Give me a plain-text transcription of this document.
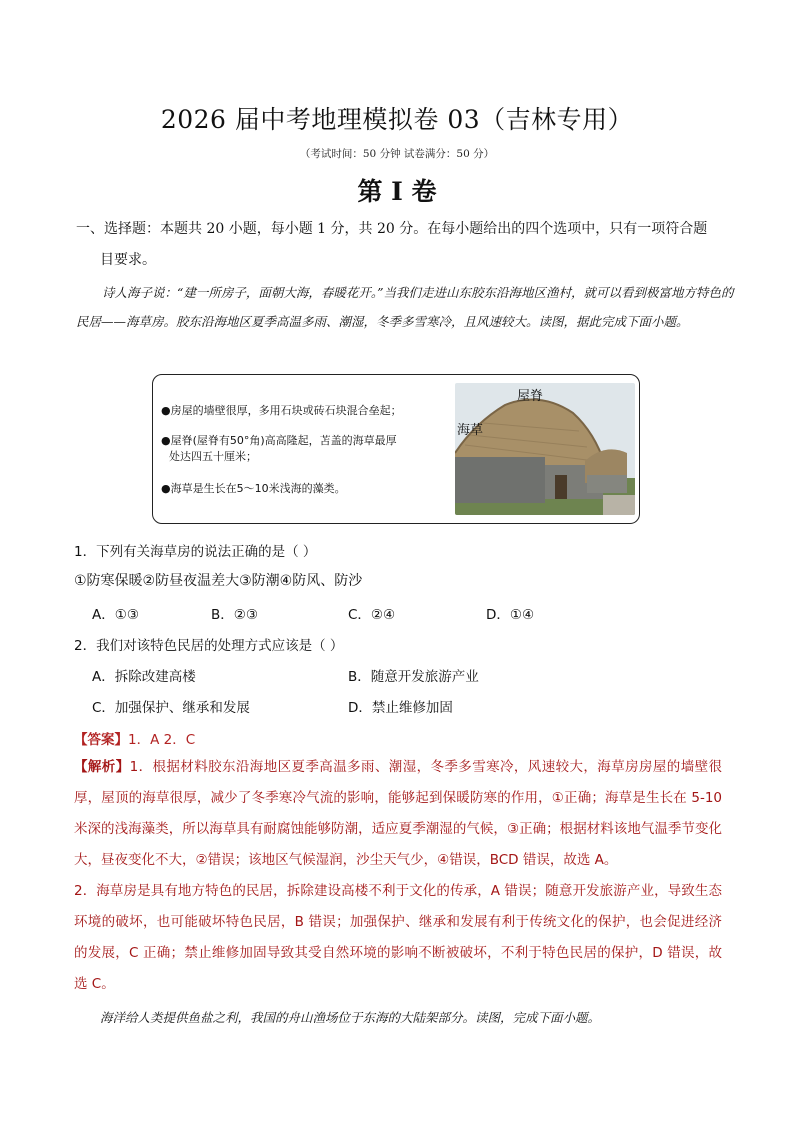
2026 届中考地理模拟卷 03（吉林专用）
（考试时间：50 分钟 试卷满分：50 分）
第 I 卷
一、选择题：本题共 20 小题，每小题 1 分，共 20 分。在每小题给出的四个选项中，只有一项符合题
目要求。
诗人海子说：“建一所房子，面朝大海，春暖花开。”当我们走进山东胶东沿海地区渔村，就可以看到极富地方特色的民居——海草房。胶东沿海地区夏季高温多雨、潮湿，冬季多雪寒冷，且风速较大。读图，据此完成下面小题。
●房屋的墙壁很厚，多用石块或砖石块混合垒起；
●屋脊(屋脊有50°角)高高隆起，苫盖的海草最厚
处达四五十厘米；
●海草是生长在5～10米浅海的藻类。
屋脊
海草
1．下列有关海草房的说法正确的是（ ）
①防寒保暖②防昼夜温差大③防潮④防风、防沙
A．①③	B．②③	C．②④	D．①④
2．我们对该特色民居的处理方式应该是（ ）
A．拆除改建高楼	B．随意开发旅游产业
C．加强保护、继承和发展	D．禁止维修加固
【答案】1．A 2．C
【解析】1．根据材料胶东沿海地区夏季高温多雨、潮湿，冬季多雪寒冷，风速较大，海草房房屋的墙壁很厚，屋顶的海草很厚，减少了冬季寒冷气流的影响，能够起到保暖防寒的作用，①正确；海草是生长在 5-10 米深的浅海藻类，所以海草具有耐腐蚀能够防潮，适应夏季潮湿的气候，③正确；根据材料该地气温季节变化大，昼夜变化不大，②错误；该地区气候湿润，沙尘天气少，④错误，BCD 错误，故选 A。
2．海草房是具有地方特色的民居，拆除建设高楼不利于文化的传承，A 错误；随意开发旅游产业，导致生态环境的破坏，也可能破坏特色民居，B 错误；加强保护、继承和发展有利于传统文化的保护，也会促进经济的发展，C 正确；禁止维修加固导致其受自然环境的影响不断被破坏，不利于特色民居的保护，D 错误，故选 C。
海洋给人类提供鱼盐之利，我国的舟山渔场位于东海的大陆架部分。读图，完成下面小题。
